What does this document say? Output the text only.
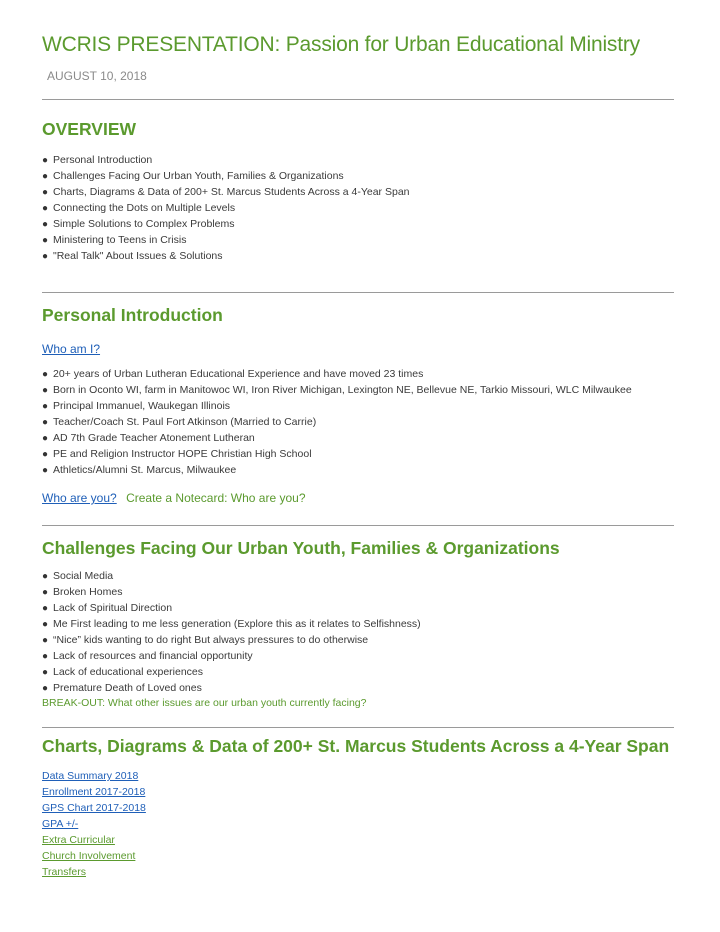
WCRIS PRESENTATION: Passion for Urban Educational Ministry
AUGUST 10, 2018
OVERVIEW
● Personal Introduction
● Challenges Facing Our Urban Youth, Families & Organizations
● Charts, Diagrams & Data of 200+ St. Marcus Students Across a 4-Year Span
● Connecting the Dots on Multiple Levels
● Simple Solutions to Complex Problems
● Ministering to Teens in Crisis
● "Real Talk" About Issues & Solutions
Personal Introduction
Who am I?
● 20+ years of Urban Lutheran Educational Experience and have moved 23 times
● Born in Oconto WI, farm in Manitowoc WI, Iron River Michigan, Lexington NE, Bellevue NE, Tarkio Missouri, WLC Milwaukee
● Principal Immanuel, Waukegan Illinois
● Teacher/Coach St. Paul Fort Atkinson (Married to Carrie)
● AD 7th Grade Teacher Atonement Lutheran
● PE and Religion Instructor HOPE Christian High School
● Athletics/Alumni St. Marcus, Milwaukee
Who are you? Create a Notecard: Who are you?
Challenges Facing Our Urban Youth, Families & Organizations
● Social Media
● Broken Homes
● Lack of Spiritual Direction
● Me First leading to me less generation (Explore this as it relates to Selfishness)
● “Nice” kids wanting to do right But always pressures to do otherwise
● Lack of resources and financial opportunity
● Lack of educational experiences
● Premature Death of Loved ones
BREAK-OUT: What other issues are our urban youth currently facing?
Charts, Diagrams & Data of 200+ St. Marcus Students Across a 4-Year Span
Data Summary 2018
Enrollment 2017-2018
GPS Chart 2017-2018
GPA +/-
Extra Curricular
Church Involvement
Transfers
